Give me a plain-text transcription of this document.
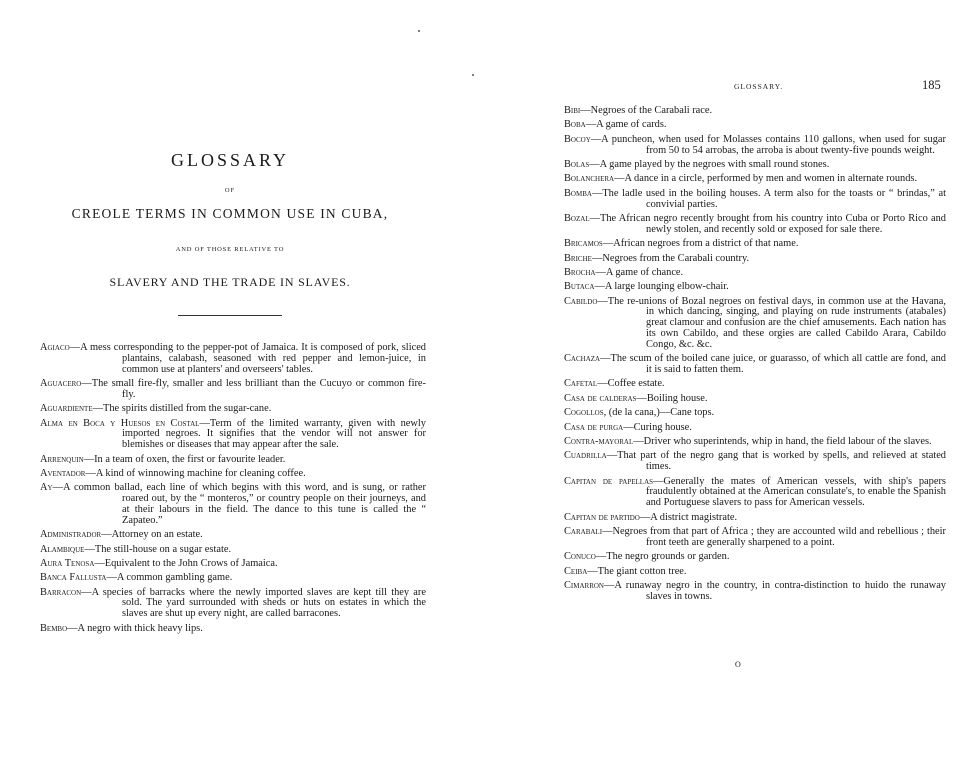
GLOSSARY
OF
CREOLE TERMS IN COMMON USE IN CUBA,
AND OF THOSE RELATIVE TO
SLAVERY AND THE TRADE IN SLAVES.
Agiaco—A mess corresponding to the pepper-pot of Jamaica. It is composed of pork, sliced plantains, calabash, seasoned with red pepper and lemon-juice, in common use at planters' and overseers' tables.
Aguacero—The small fire-fly, smaller and less brilliant than the Cucuyo or common fire-fly.
Aguardiente—The spirits distilled from the sugar-cane.
Alma en Boca y Huesos en Costal—Term of the limited warranty, given with newly imported negroes. It signifies that the vendor will not answer for blemishes or diseases that may appear after the sale.
Arrenquin—In a team of oxen, the first or favourite leader.
Aventador—A kind of winnowing machine for cleaning coffee.
Ay—A common ballad, each line of which begins with this word, and is sung, or rather roared out, by the “ monteros,” or country people on their journeys, and at their labours in the field. The dance to this tune is called the “ Zapateo.”
Administrador—Attorney on an estate.
Alambique—The still-house on a sugar estate.
Aura Tenosa—Equivalent to the John Crows of Jamaica.
Banca Fallusta—A common gambling game.
Barracon—A species of barracks where the newly imported slaves are kept till they are sold. The yard surrounded with sheds or huts on estates in which the slaves are shut up every night, are called barracones.
Bembo—A negro with thick heavy lips.
GLOSSARY.	185
Bibi—Negroes of the Carabali race.
Boba—A game of cards.
Bocoy—A puncheon, when used for Molasses contains 110 gallons, when used for sugar from 50 to 54 arrobas, the arroba is about twenty-five pounds weight.
Bolas—A game played by the negroes with small round stones.
Bolanchera—A dance in a circle, performed by men and women in alternate rounds.
Bomba—The ladle used in the boiling houses. A term also for the toasts or “ brindas,” at convivial parties.
Bozal—The African negro recently brought from his country into Cuba or Porto Rico and newly stolen, and recently sold or exposed for sale there.
Bricamos—African negroes from a district of that name.
Briche—Negroes from the Carabali country.
Brocha—A game of chance.
Butaca—A large lounging elbow-chair.
Cabildo—The re-unions of Bozal negroes on festival days, in common use at the Havana, in which dancing, singing, and playing on rude instruments (atabales) great clamour and confusion are the chief amusements. Each nation has its own Cabildo, and these orgies are called Cabildo Arara, Cabildo Congo, &c. &c.
Cachaza—The scum of the boiled cane juice, or guarasso, of which all cattle are fond, and it is said to fatten them.
Cafetal—Coffee estate.
Casa de calderas—Boiling house.
Cogollos, (de la cana,)—Cane tops.
Casa de purga—Curing house.
Contra-mayoral—Driver who superintends, whip in hand, the field labour of the slaves.
Cuadrilla—That part of the negro gang that is worked by spells, and relieved at stated times.
Capitan de papellas—Generally the mates of American vessels, with ship's papers fraudulently obtained at the American consulate's, to enable the Spanish and Portuguese slavers to pass for American vessels.
Capitan de partido—A district magistrate.
Carabali—Negroes from that part of Africa ; they are accounted wild and rebellious ; their front teeth are generally sharpened to a point.
Conuco—The negro grounds or garden.
Ceiba—The giant cotton tree.
Cimarron—A runaway negro in the country, in contra-distinction to huido the runaway slaves in towns.
O
